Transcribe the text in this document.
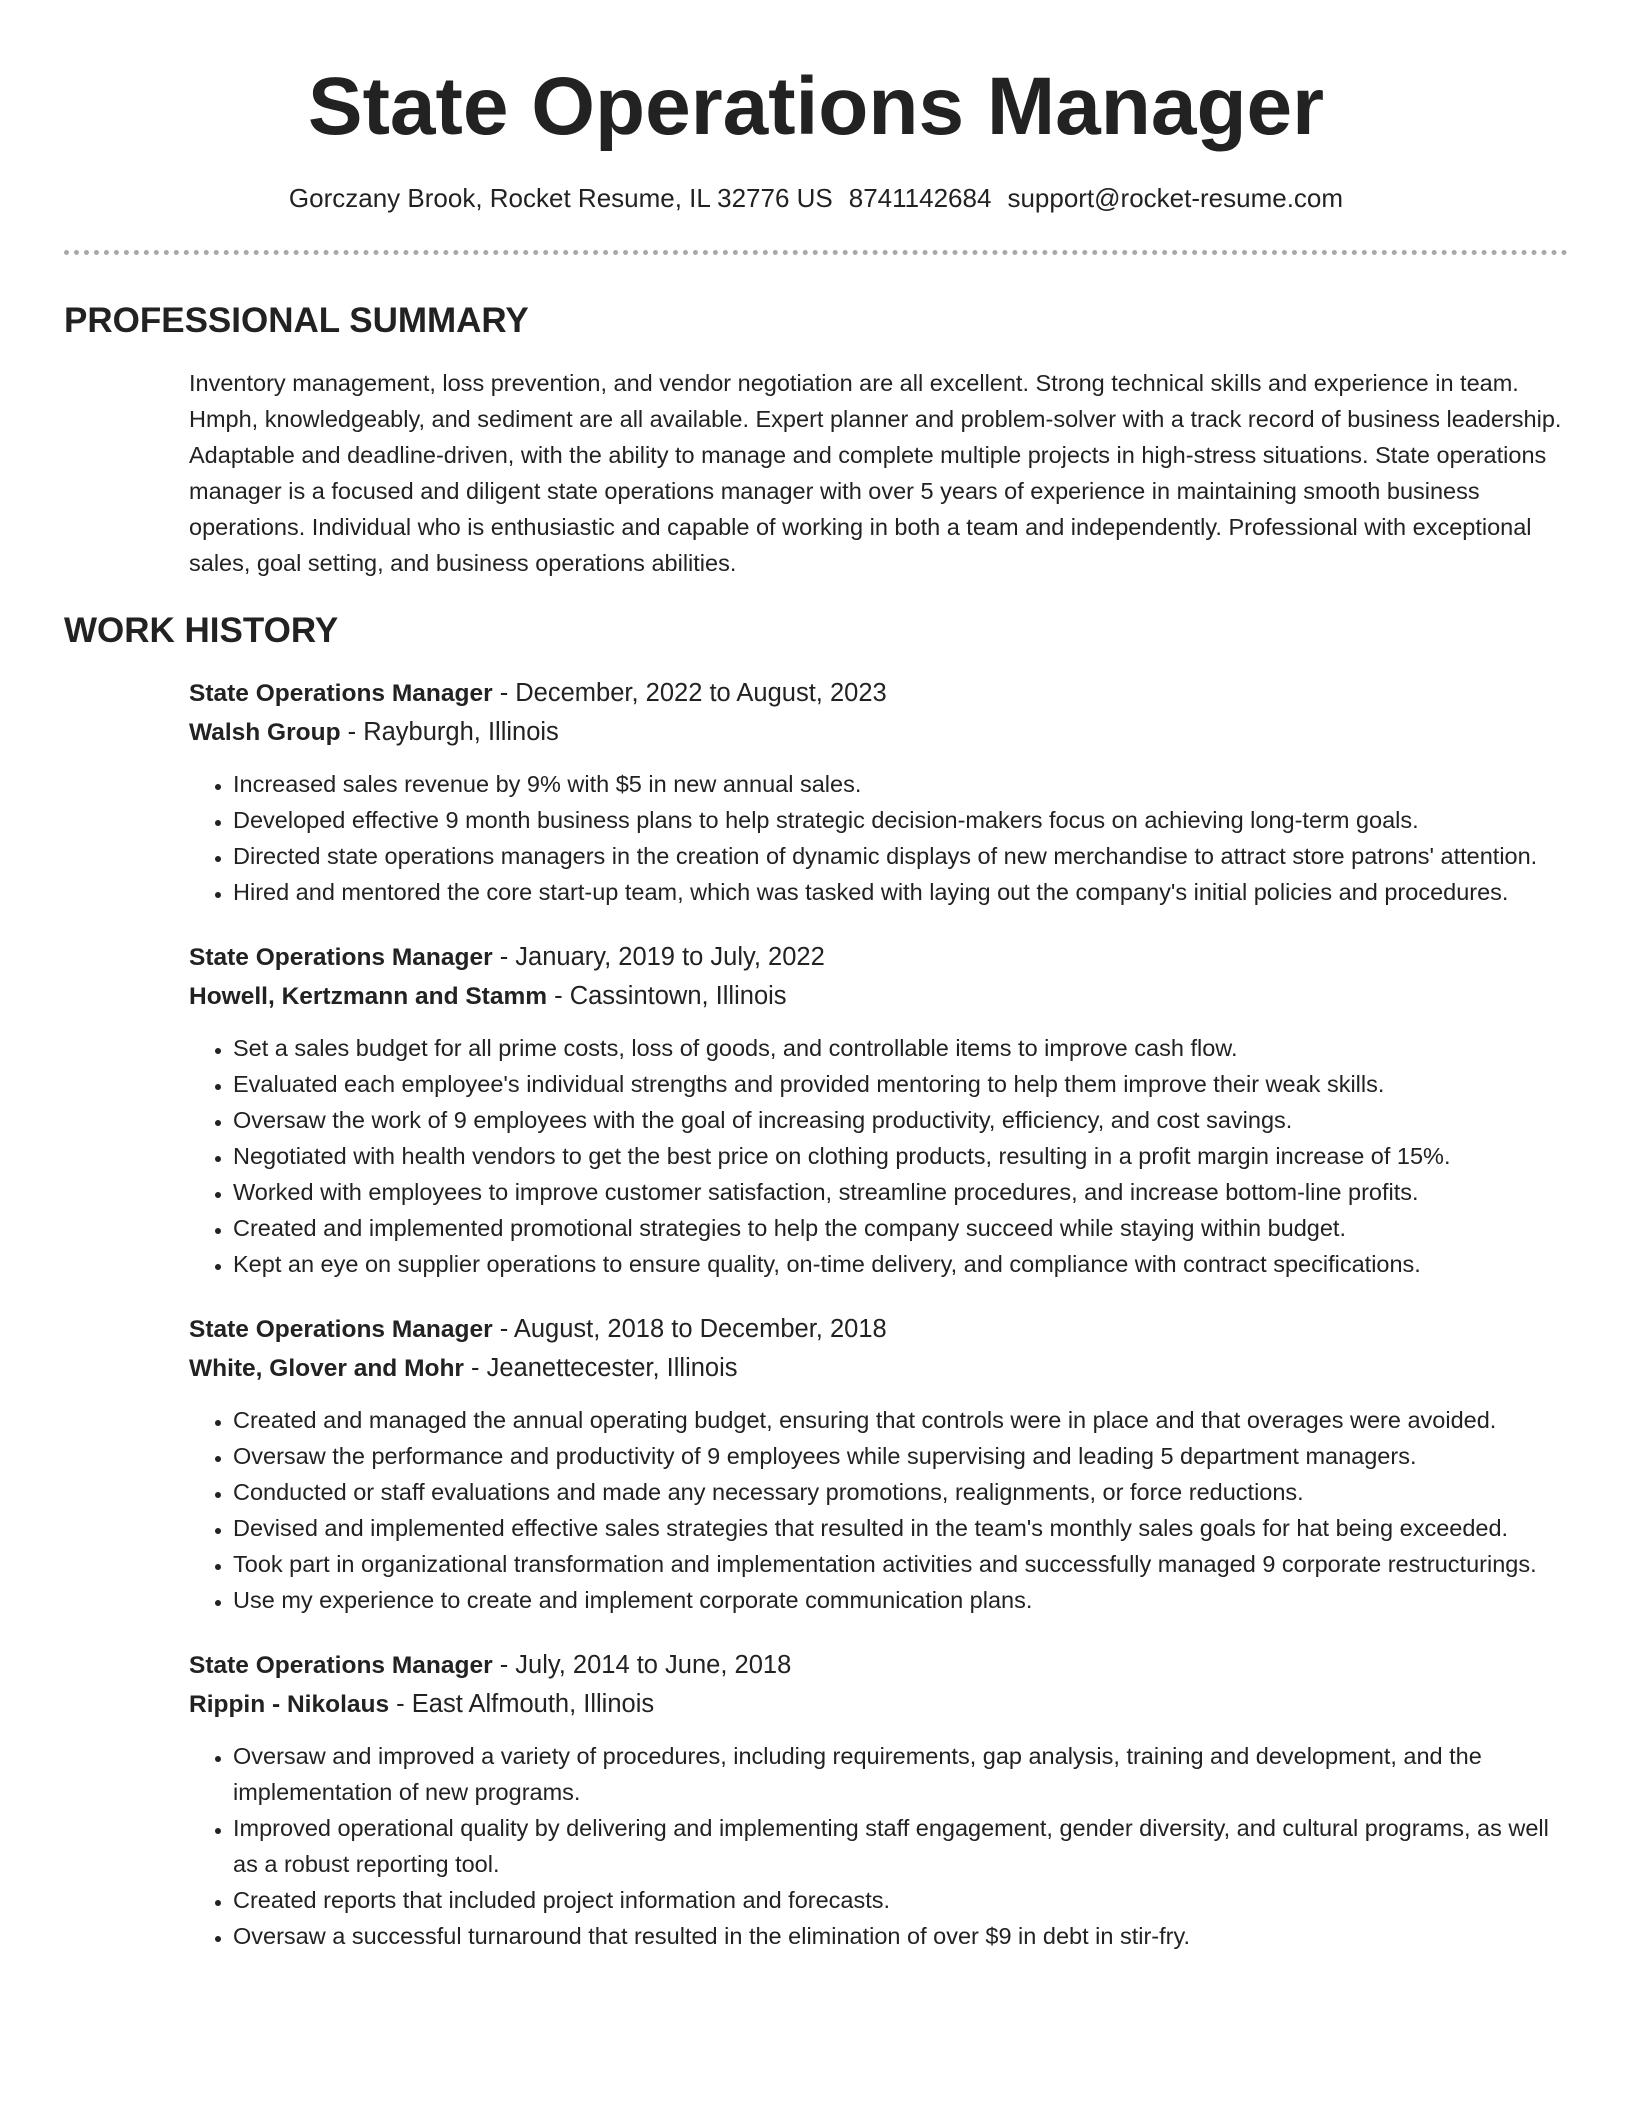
State Operations Manager
Gorczany Brook, Rocket Resume, IL 32776 US 8741142684 support@rocket-resume.com
PROFESSIONAL SUMMARY

Inventory management, loss prevention, and vendor negotiation are all excellent. Strong technical skills and experience in team. Hmph, knowledgeably, and sediment are all available. Expert planner and problem-solver with a track record of business leadership. Adaptable and deadline-driven, with the ability to manage and complete multiple projects in high-stress situations. State operations manager is a focused and diligent state operations manager with over 5 years of experience in maintaining smooth business operations. Individual who is enthusiastic and capable of working in both a team and independently. Professional with exceptional sales, goal setting, and business operations abilities.

WORK HISTORY
State Operations Manager - December, 2022 to August, 2023
Walsh Group - Rayburgh, Illinois
• Increased sales revenue by 9% with $5 in new annual sales.
• Developed effective 9 month business plans to help strategic decision-makers focus on achieving long-term goals.
• Directed state operations managers in the creation of dynamic displays of new merchandise to attract store patrons' attention.
• Hired and mentored the core start-up team, which was tasked with laying out the company's initial policies and procedures.
State Operations Manager - January, 2019 to July, 2022
Howell, Kertzmann and Stamm - Cassintown, Illinois
• Set a sales budget for all prime costs, loss of goods, and controllable items to improve cash flow.
• Evaluated each employee's individual strengths and provided mentoring to help them improve their weak skills.
• Oversaw the work of 9 employees with the goal of increasing productivity, efficiency, and cost savings.
• Negotiated with health vendors to get the best price on clothing products, resulting in a profit margin increase of 15%.
• Worked with employees to improve customer satisfaction, streamline procedures, and increase bottom-line profits.
• Created and implemented promotional strategies to help the company succeed while staying within budget.
• Kept an eye on supplier operations to ensure quality, on-time delivery, and compliance with contract specifications.
State Operations Manager - August, 2018 to December, 2018
White, Glover and Mohr - Jeanettecester, Illinois
• Created and managed the annual operating budget, ensuring that controls were in place and that overages were avoided.
• Oversaw the performance and productivity of 9 employees while supervising and leading 5 department managers.
• Conducted or staff evaluations and made any necessary promotions, realignments, or force reductions.
• Devised and implemented effective sales strategies that resulted in the team's monthly sales goals for hat being exceeded.
• Took part in organizational transformation and implementation activities and successfully managed 9 corporate restructurings.
• Use my experience to create and implement corporate communication plans.
State Operations Manager - July, 2014 to June, 2018
Rippin - Nikolaus - East Alfmouth, Illinois
• Oversaw and improved a variety of procedures, including requirements, gap analysis, training and development, and the implementation of new programs.
• Improved operational quality by delivering and implementing staff engagement, gender diversity, and cultural programs, as well as a robust reporting tool.
• Created reports that included project information and forecasts.
• Oversaw a successful turnaround that resulted in the elimination of over $9 in debt in stir-fry.
